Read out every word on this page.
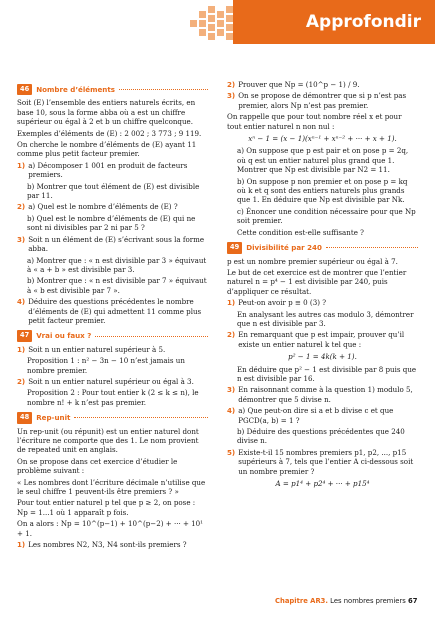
Approfondir
46 Nombre d’éléments

Soit (E) l’ensemble des entiers naturels écrits, en base 10, sous la forme abba où a est un chiffre supérieur ou égal à 2 et b un chiffre quelconque.

Exemples d’éléments de (E) : 2 002 ; 3 773 ; 9 119.

On cherche le nombre d’éléments de (E) ayant 11 comme plus petit facteur premier.

1) a) Décomposer 1 001 en produit de facteurs premiers.
b) Montrer que tout élément de (E) est divisible par 11.
2) a) Quel est le nombre d’éléments de (E) ?
b) Quel est le nombre d’éléments de (E) qui ne sont ni divisibles par 2 ni par 5 ?
3) Soit n un élément de (E) s’écrivant sous la forme abba.
a) Montrer que : « n est divisible par 3 » équivaut à « a + b » est divisible par 3.
b) Montrer que : « n est divisible par 7 » équivaut à « b est divisible par 7 ».
4) Déduire des questions précédentes le nombre d’éléments de (E) qui admettent 11 comme plus petit facteur premier.
47 Vrai ou faux ?
1) Soit n un entier naturel supérieur à 5.
Proposition 1 : n² − 3n − 10 n’est jamais un nombre premier.
2) Soit n un entier naturel supérieur ou égal à 3.
Proposition 2 : Pour tout entier k (2 ≤ k ≤ n), le nombre n! + k n’est pas premier.
48 Rep-unit

Un rep-unit (ou répunit) est un entier naturel dont l’écriture ne comporte que des 1. Le nom provient de repeated unit en anglais.

On se propose dans cet exercice d’étudier le problème suivant :

« Les nombres dont l’écriture décimale n’utilise que le seul chiffre 1 peuvent-ils être premiers ? »

Pour tout entier naturel p tel que p ≥ 2, on pose : Np = 1...1 où 1 apparaît p fois.

On a alors : Np = 10^(p−1) + 10^(p−2) + ··· + 10¹ + 1.

1) Les nombres N2, N3, N4 sont-ils premiers ?
2) Prouver que Np = (10^p − 1) / 9.
3) On se propose de démontrer que si p n’est pas premier, alors Np n’est pas premier.

On rappelle que pour tout nombre réel x et pour tout entier naturel n non nul :

xⁿ − 1 = (x − 1)(xⁿ⁻¹ + xⁿ⁻² + ··· + x + 1).
a) On suppose que p est pair et on pose p = 2q, où q est un entier naturel plus grand que 1. Montrer que Np est divisible par N2 = 11.
b) On suppose p non premier et on pose p = kq où k et q sont des entiers naturels plus grands que 1. En déduire que Np est divisible par Nk.
c) Énoncer une condition nécessaire pour que Np soit premier.
Cette condition est-elle suffisante ?
49 Divisibilité par 240

p est un nombre premier supérieur ou égal à 7.

Le but de cet exercice est de montrer que l’entier naturel n = p⁴ − 1 est divisible par 240, puis d’appliquer ce résultat.

1) Peut-on avoir p ≡ 0 (3) ?
En analysant les autres cas modulo 3, démontrer que n est divisible par 3.
2) En remarquant que p est impair, prouver qu’il existe un entier naturel k tel que :
p² − 1 = 4k(k + 1).
En déduire que p² − 1 est divisible par 8 puis que n est divisible par 16.
3) En raisonnant comme à la question 1) modulo 5, démontrer que 5 divise n.
4) a) Que peut-on dire si a et b divise c et que PGCD(a, b) = 1 ?
b) Déduire des questions précédentes que 240 divise n.
5) Existe-t-il 15 nombres premiers p1, p2, ..., p15 supérieurs à 7, tels que l’entier A ci-dessous soit un nombre premier ?
A = p1⁴ + p2⁴ + ··· + p15⁴
Chapitre AR3. Les nombres premiers 67
